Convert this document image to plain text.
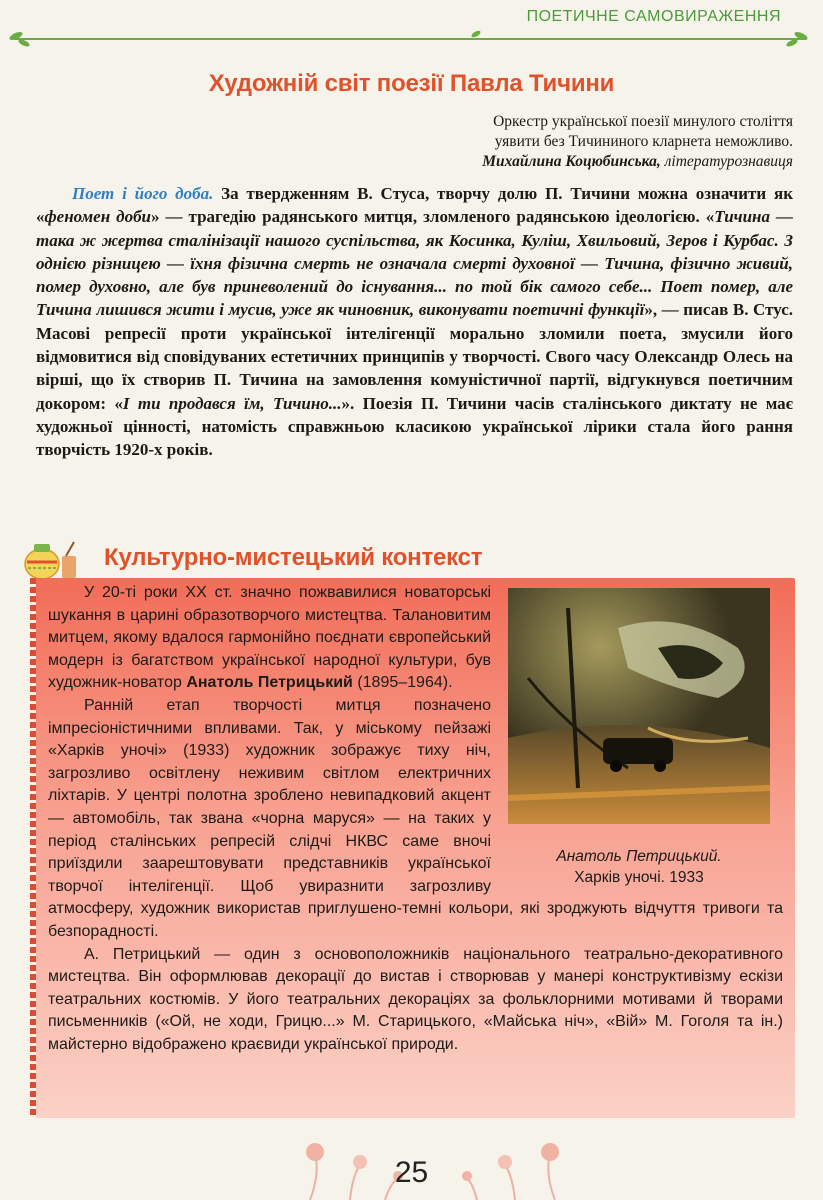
ПОЕТИЧНЕ САМОВИРАЖЕННЯ
Художній світ поезії Павла Тичини
Оркестр української поезії минулого століття
уявити без Тичининого кларнета неможливо.
Михайлина Коцюбинська, літературознавиця

Поет і його доба. За твердженням В. Стуса, творчу долю П. Тичини можна означити як «феномен доби» — трагедію радянського митця, зломленого радянською ідеологією. «Тичина — така ж жертва сталінізації нашого суспільства, як Косинка, Куліш, Хвильовий, Зеров і Курбас. З однією різницею — їхня фізична смерть не означала смерті духовної — Тичина, фізично живий, помер духовно, але був приневолений до існування... по той бік самого себе... Поет помер, але Тичина лишився жити і мусив, уже як чиновник, виконувати поетичні функції», — писав В. Стус. Масові репресії проти української інтелігенції морально зломили поета, змусили його відмовитися від сповідуваних естетичних принципів у творчості. Свого часу Олександр Олесь на вірші, що їх створив П. Тичина на замовлення комуністичної партії, відгукнувся поетичним докором: «І ти продався їм, Тичино...». Поезія П. Тичини часів сталінського диктату не має художньої цінності, натомість справжньою класикою української лірики стала його рання творчість 1920-х років.

Культурно-мистецький контекст
Анатоль Петрицький.
Харків уночі. 1933

У 20-ті роки XX ст. значно пожвавилися новаторські шукання в царині образотворчого мистецтва. Талановитим митцем, якому вдалося гармонійно поєднати європейський модерн із багатством української народної культури, був художник-новатор Анатоль Петрицький (1895–1964).

Ранній етап творчості митця позначено імпресіоністичними впливами. Так, у міському пейзажі «Харків уночі» (1933) художник зображує тиху ніч, загрозливо освітлену неживим світлом електричних ліхтарів. У центрі полотна зроблено невипадковий акцент — автомобіль, так звана «чорна маруся» — на таких у період сталінських репресій слідчі НКВС саме вночі приїздили заарештовувати представників української творчої інтелігенції. Щоб увиразнити загрозливу атмосферу, художник використав приглушено-темні кольори, які зроджують відчуття тривоги та безпорадності.

А. Петрицький — один з основоположників національного театрально-декоративного мистецтва. Він оформлював декорації до вистав і створював у манері конструктивізму ескізи театральних костюмів. У його театральних декораціях за фольклорними мотивами й творами письменників («Ой, не ходи, Грицю...» М. Старицького, «Майська ніч», «Вій» М. Гоголя та ін.) майстерно відображено краєвиди української природи.

25
